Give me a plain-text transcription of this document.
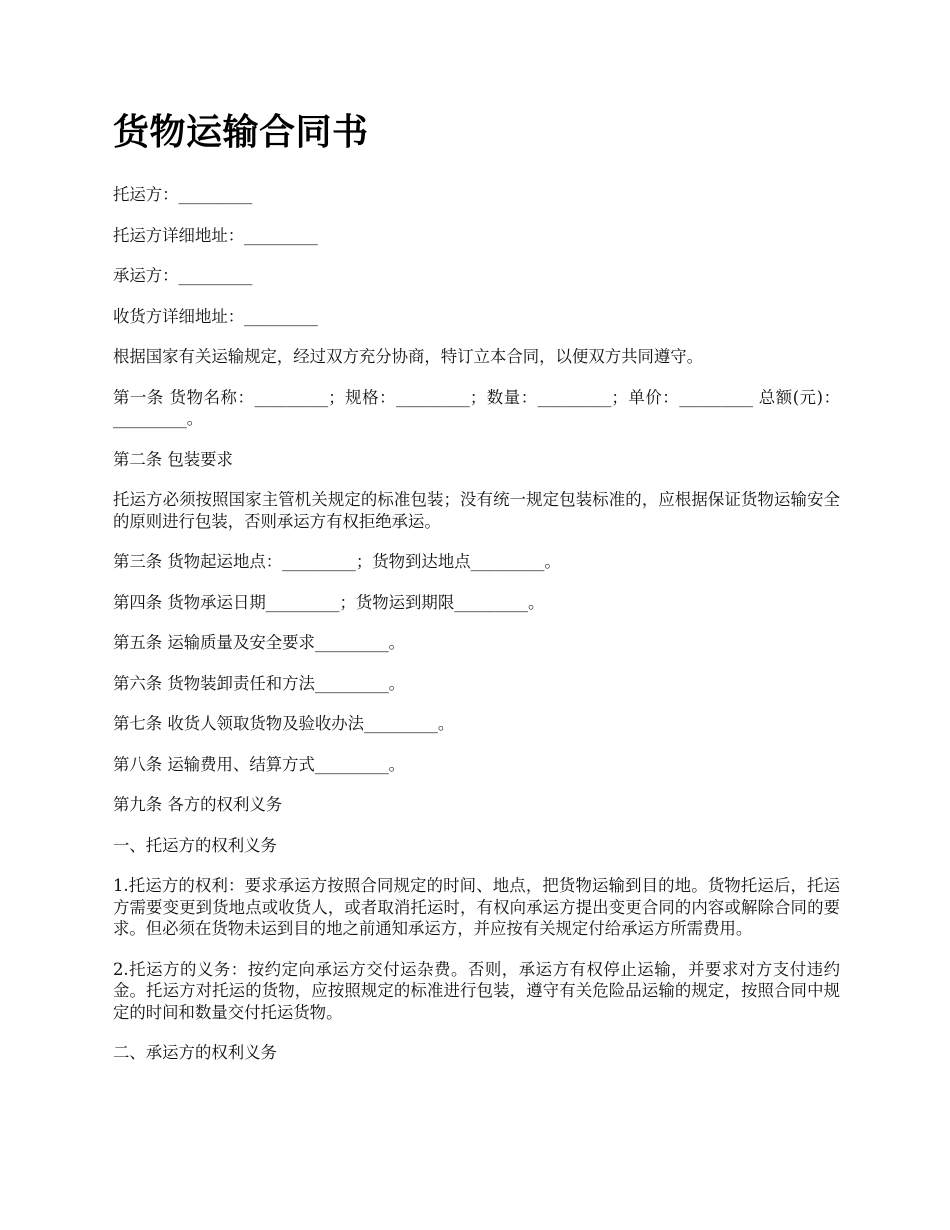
货物运输合同书

托运方：_________

托运方详细地址：_________

承运方：_________

收货方详细地址：_________

根据国家有关运输规定，经过双方充分协商，特订立本合同，以便双方共同遵守。

第一条 货物名称：_________；规格：_________；数量：_________；单价：_________ 总额(元)：_________。

第二条 包装要求

托运方必须按照国家主管机关规定的标准包装；没有统一规定包装标准的，应根据保证货物运输安全的原则进行包装，否则承运方有权拒绝承运。

第三条 货物起运地点：_________；货物到达地点_________。

第四条 货物承运日期_________；货物运到期限_________。

第五条 运输质量及安全要求_________。

第六条 货物装卸责任和方法_________。

第七条 收货人领取货物及验收办法_________。

第八条 运输费用、结算方式_________。

第九条 各方的权利义务

一、托运方的权利义务

1.托运方的权利：要求承运方按照合同规定的时间、地点，把货物运输到目的地。货物托运后，托运方需要变更到货地点或收货人，或者取消托运时，有权向承运方提出变更合同的内容或解除合同的要求。但必须在货物未运到目的地之前通知承运方，并应按有关规定付给承运方所需费用。

2.托运方的义务：按约定向承运方交付运杂费。否则，承运方有权停止运输，并要求对方支付违约金。托运方对托运的货物，应按照规定的标准进行包装，遵守有关危险品运输的规定，按照合同中规定的时间和数量交付托运货物。

二、承运方的权利义务
